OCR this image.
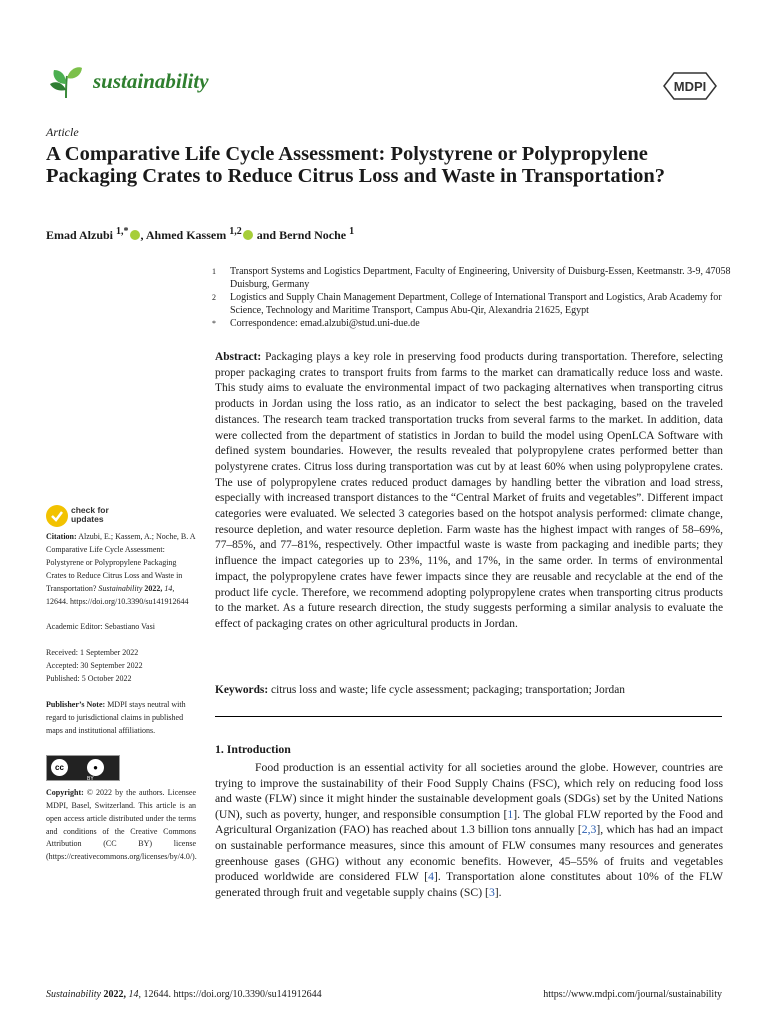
sustainability	MDPI
Article
A Comparative Life Cycle Assessment: Polystyrene or Polypropylene Packaging Crates to Reduce Citrus Loss and Waste in Transportation?
Emad Alzubi $^{1,*}$ , Ahmed Kassem $^{1,2}$ and Bernd Noche $^1$
1	Transport Systems and Logistics Department, Faculty of Engineering, University of Duisburg-Essen, Keetmanstr. 3-9, 47058 Duisburg, Germany
2	Logistics and Supply Chain Management Department, College of International Transport and Logistics, Arab Academy for Science, Technology and Maritime Transport, Campus Abu-Qir, Alexandria 21625, Egypt
*	Correspondence: emad.alzubi@stud.uni-due.de
Abstract: Packaging plays a key role in preserving food products during transportation. Therefore, selecting proper packaging crates to transport fruits from farms to the market can dramatically reduce loss and waste. This study aims to evaluate the environmental impact of two packaging alternatives when transporting citrus products in Jordan using the loss ratio, as an indicator to select the best packaging, based on the traveled distances. The research team tracked transportation trucks from several farms to the market. In addition, data were collected from the department of statistics in Jordan to build the model using OpenLCA Software with defined system boundaries. However, the results revealed that polypropylene crates performed better than polystyrene crates. Citrus loss during transportation was cut by at least 60% when using polypropylene crates. The use of polypropylene crates reduced product damages by handling better the vibration and load stress, especially with increased transport distances to the “Central Market of fruits and vegetables”. Different impact categories were evaluated. We selected 3 categories based on the hotspot analysis performed: climate change, resource depletion, and water resource depletion. Farm waste has the highest impact with ranges of 58–69%, 77–85%, and 77–81%, respectively. Other impactful waste is waste from packaging and inedible parts; they influence the impact categories up to 23%, 11%, and 17%, in the same order. In terms of environmental impact, the polypropylene crates have fewer impacts since they are reusable and recyclable at the end of the product life cycle. Therefore, we recommend adopting polypropylene crates when transporting citrus products to the market. As a future research direction, the study suggests performing a similar analysis to evaluate the effect of packaging crates on other agricultural products in Jordan.
Keywords: citrus loss and waste; life cycle assessment; packaging; transportation; Jordan
check for
updates

Citation: Alzubi, E.; Kassem, A.; Noche, B. A Comparative Life Cycle Assessment: Polystyrene or Polypropylene Packaging Crates to Reduce Citrus Loss and Waste in Transportation? Sustainability 2022, 14, 12644. https://doi.org/10.3390/su141912644

Academic Editor: Sebastiano Vasi

Received: 1 September 2022

Accepted: 30 September 2022

Published: 5 October 2022

Publisher’s Note: MDPI stays neutral with regard to jurisdictional claims in published maps and institutional affiliations.

cc	●
BY

Copyright: © 2022 by the authors. Licensee MDPI, Basel, Switzerland. This article is an open access article distributed under the terms and conditions of the Creative Commons Attribution (CC BY) license (https://creativecommons.org/licenses/by/4.0/).

1. Introduction
Food production is an essential activity for all societies around the globe. However, countries are trying to improve the sustainability of their Food Supply Chains (FSC), which rely on reducing food loss and waste (FLW) since it might hinder the sustainable development goals (SDGs) set by the United Nations (UN), such as poverty, hunger, and responsible consumption [1]. The global FLW reported by the Food and Agricultural Organization (FAO) has reached about 1.3 billion tons annually [2,3], which has had an impact on sustainable performance measures, since this amount of FLW consumes many resources and generates greenhouse gases (GHG) without any economic benefits. However, 45–55% of fruits and vegetables produced worldwide are considered FLW [4]. Transportation alone constitutes about 10% of the FLW generated through fruit and vegetable supply chains (SC) [3].
Sustainability 2022, 14, 12644. https://doi.org/10.3390/su141912644	https://www.mdpi.com/journal/sustainability
